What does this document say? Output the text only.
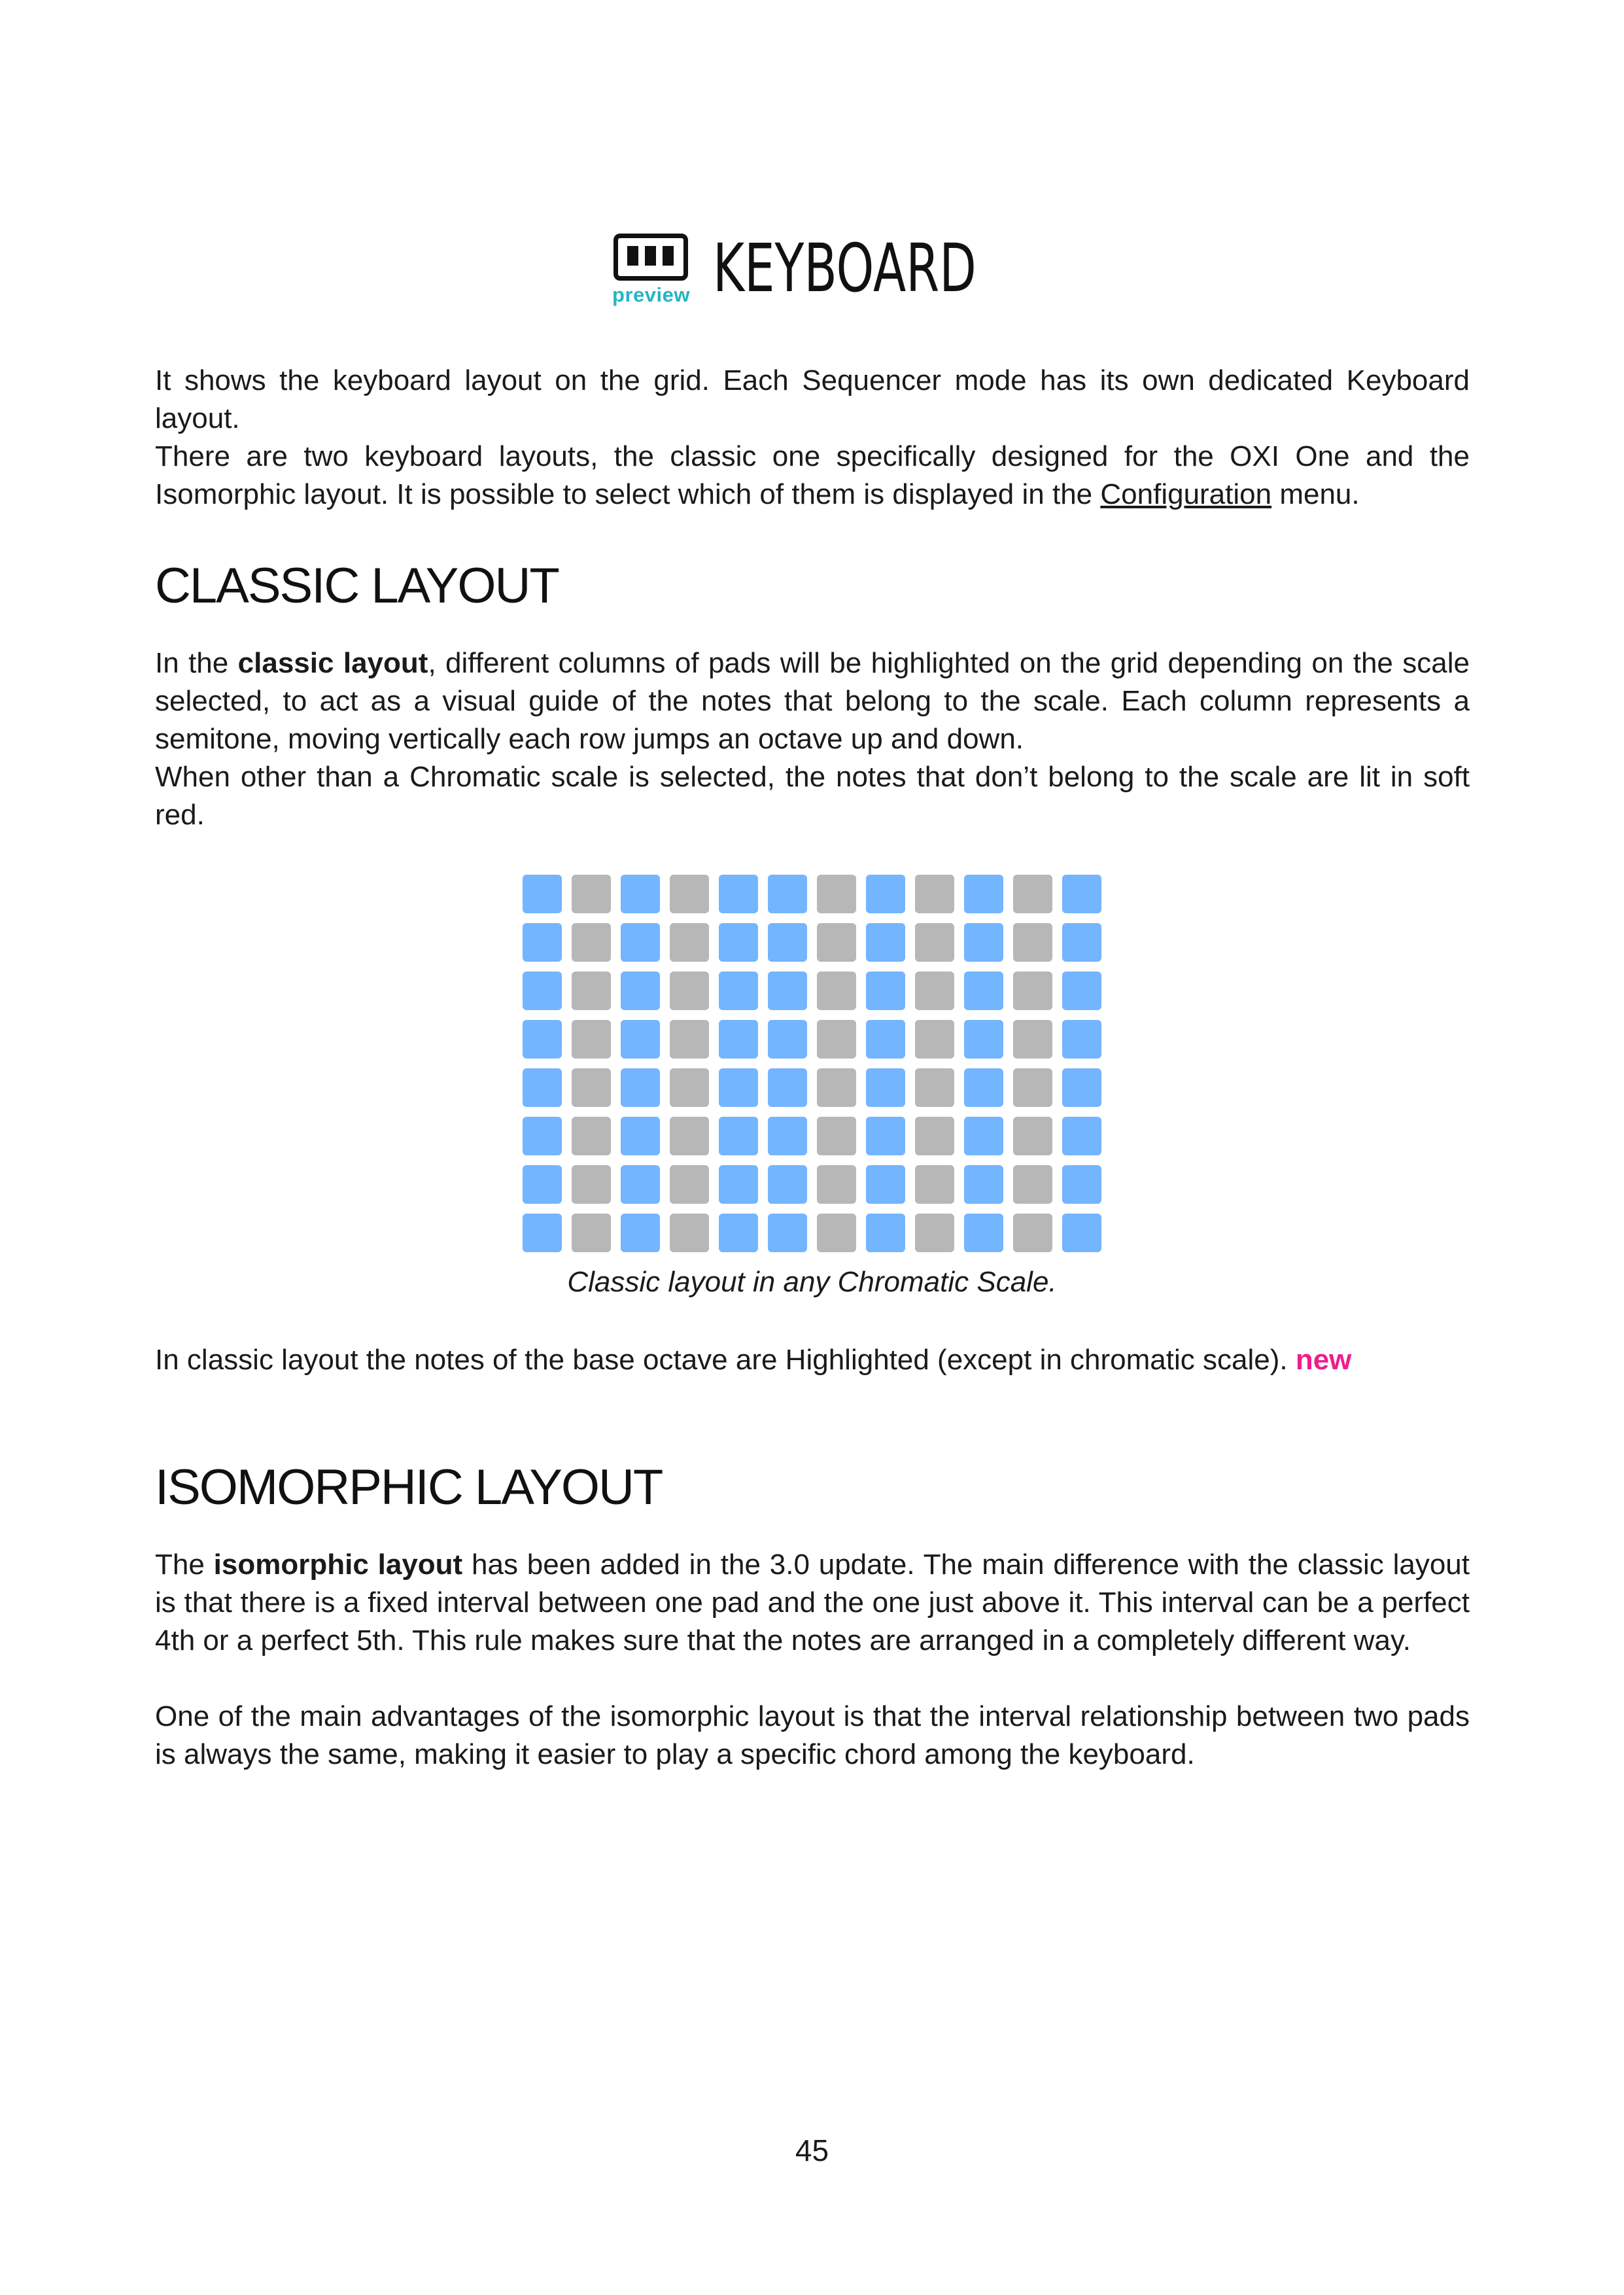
preview KEYBOARD

It shows the keyboard layout on the grid. Each Sequencer mode has its own dedicated Keyboard layout.

There are two keyboard layouts, the classic one specifically designed for the OXI One and the Isomorphic layout. It is possible to select which of them is displayed in the Configuration menu.

CLASSIC LAYOUT

In the classic layout, different columns of pads will be highlighted on the grid depending on the scale selected, to act as a visual guide of the notes that belong to the scale. Each column represents a semitone, moving vertically each row jumps an octave up and down.

When other than a Chromatic scale is selected, the notes that don’t belong to the scale are lit in soft red.

Classic layout in any Chromatic Scale.

In classic layout the notes of the base octave are Highlighted (except in chromatic scale). new

ISOMORPHIC LAYOUT

The isomorphic layout has been added in the 3.0 update. The main difference with the classic layout is that there is a fixed interval between one pad and the one just above it. This interval can be a perfect 4th or a perfect 5th. This rule makes sure that the notes are arranged in a completely different way.

One of the main advantages of the isomorphic layout is that the interval relationship between two pads is always the same, making it easier to play a specific chord among the keyboard.

45
